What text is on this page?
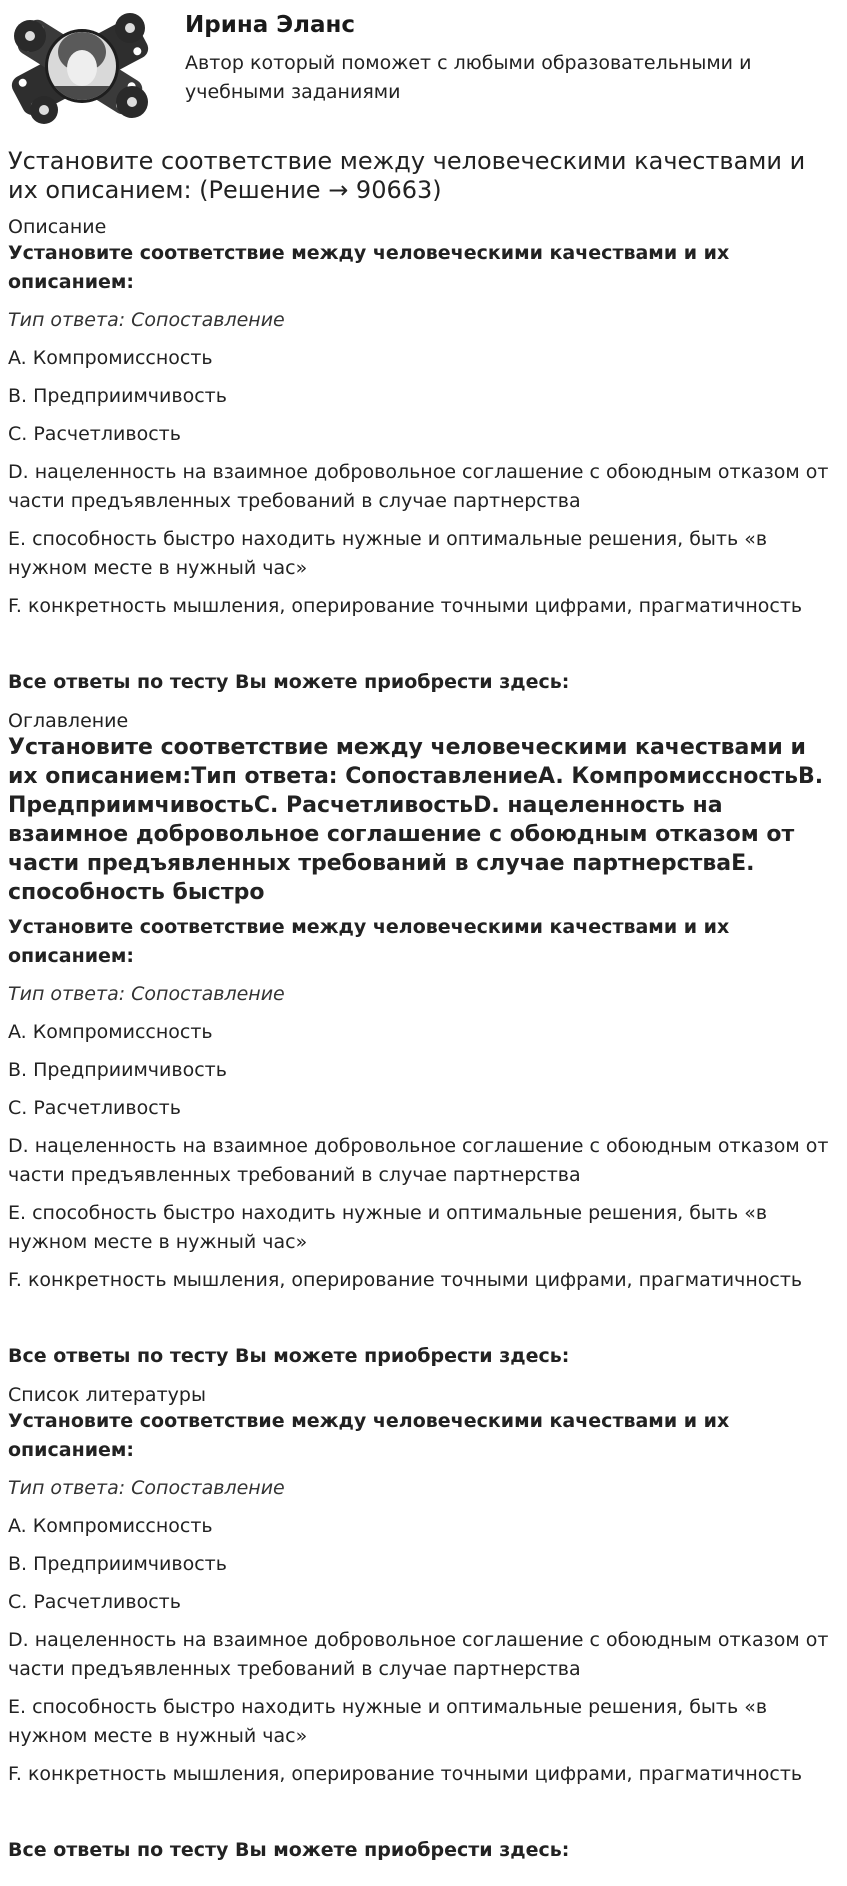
Ирина Эланс
Автор который поможет с любыми образовательными и учебными заданиями
Установите соответствие между человеческими качествами и их описанием: (Решение → 90663)
Описание
Установите соответствие между человеческими качествами и их описанием:
Тип ответа: Сопоставление
A. Компромиссность
B. Предприимчивость
C. Расчетливость
D. нацеленность на взаимное добровольное соглашение с обоюдным отказом от части предъявленных требований в случае партнерства
E. способность быстро находить нужные и оптимальные решения, быть «в нужном месте в нужный час»
F. конкретность мышления, оперирование точными цифрами, прагматичность
Все ответы по тесту Вы можете приобрести здесь:
Оглавление
Установите соответствие между человеческими качествами и их описанием:Тип ответа: СопоставлениеA. КомпромиссностьB. ПредприимчивостьC. РасчетливостьD. нацеленность на взаимное добровольное соглашение с обоюдным отказом от части предъявленных требований в случае партнерстваE. способность быстро
Установите соответствие между человеческими качествами и их описанием:
Тип ответа: Сопоставление
A. Компромиссность
B. Предприимчивость
C. Расчетливость
D. нацеленность на взаимное добровольное соглашение с обоюдным отказом от части предъявленных требований в случае партнерства
E. способность быстро находить нужные и оптимальные решения, быть «в нужном месте в нужный час»
F. конкретность мышления, оперирование точными цифрами, прагматичность
Все ответы по тесту Вы можете приобрести здесь:
Список литературы
Установите соответствие между человеческими качествами и их описанием:
Тип ответа: Сопоставление
A. Компромиссность
B. Предприимчивость
C. Расчетливость
D. нацеленность на взаимное добровольное соглашение с обоюдным отказом от части предъявленных требований в случае партнерства
E. способность быстро находить нужные и оптимальные решения, быть «в нужном месте в нужный час»
F. конкретность мышления, оперирование точными цифрами, прагматичность
Все ответы по тесту Вы можете приобрести здесь:
